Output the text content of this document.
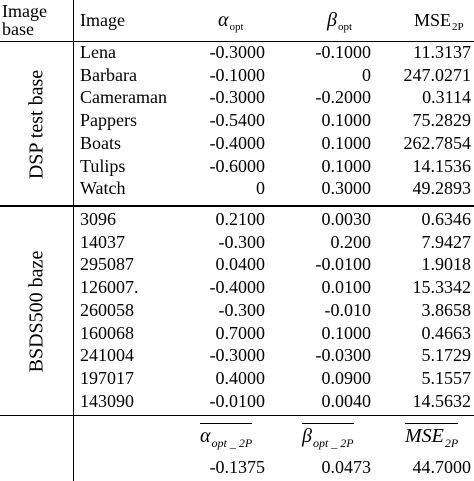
Image
base	Image	$\alpha_{opt}$	$\beta_{opt}$	$MSE_{2P}$
DSP test base
BSDS500 baze
Lena	-0.3000	-0.1000 11.3137
Barbara	-0.1000	0 247.0271
Cameraman -0.3000	-0.2000	0.3114
Pappers	-0.5400	0.1000 75.2829
Boats	-0.4000	0.1000 262.7854
Tulips	-0.6000	0.1000 14.1536
Watch	0	0.3000 49.2893
3096	0.2100	0.0030	0.6346
14037	-0.300	0.200	7.9427
295087	0.0400	-0.0100	1.9018
126007.	-0.4000	0.0100 15.3342
260058	-0.300	-0.010	3.8658
160068	0.7000	0.1000	0.4663
241004	-0.3000	-0.0300	5.1729
197017	0.4000	0.0900	5.1557
143090	-0.0100	0.0040 14.5632
$\alpha_{opt \_ 2P}$ $\beta_{opt \_ 2P}$	$MSE_{2P}$
-0.1375	0.0473 44.7000
